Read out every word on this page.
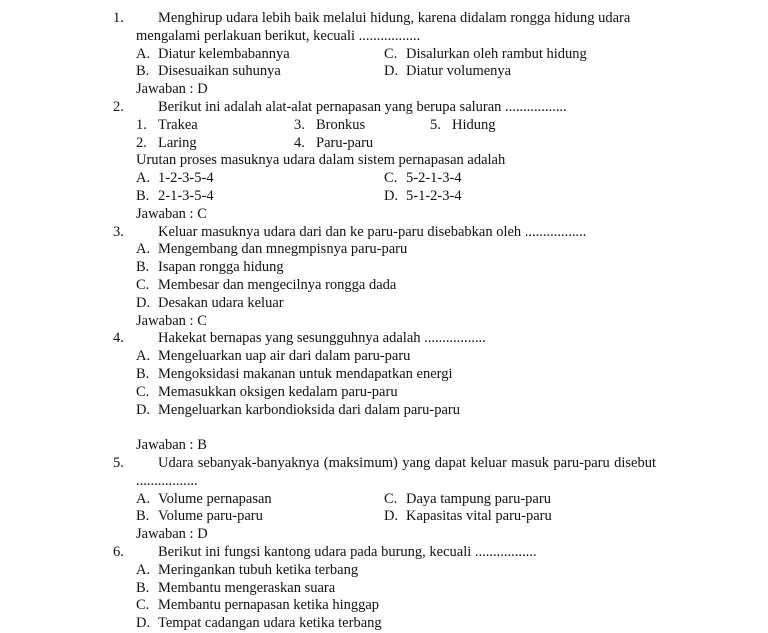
1.	Menghirup udara lebih baik melalui hidung, karena didalam rongga hidung udara mengalami perlakuan berikut, kecuali .................
A. Diatur kelembabannya	C. Disalurkan oleh rambut hidung
B. Disesuaikan suhunya	D. Diatur volumenya
Jawaban : D
2.	Berikut ini adalah alat-alat pernapasan yang berupa saluran .................
1. Trakea	3. Bronkus	5. Hidung
2. Laring	4. Paru-paru
Urutan proses masuknya udara dalam sistem pernapasan adalah
A. 1-2-3-5-4	C. 5-2-1-3-4
B. 2-1-3-5-4	D. 5-1-2-3-4
Jawaban : C
3.	Keluar masuknya udara dari dan ke paru-paru disebabkan oleh .................
A. Mengembang dan mnegmpisnya paru-paru
B. Isapan rongga hidung
C. Membesar dan mengecilnya rongga dada
D. Desakan udara keluar
Jawaban : C
4.	Hakekat bernapas yang sesungguhnya adalah .................
A. Mengeluarkan uap air dari dalam paru-paru
B. Mengoksidasi makanan untuk mendapatkan energi
C. Memasukkan oksigen kedalam paru-paru
D. Mengeluarkan karbondioksida dari dalam paru-paru
Jawaban : B
5.	Udara sebanyak-banyaknya (maksimum) yang dapat keluar masuk paru-paru disebut .................
A. Volume pernapasan	C. Daya tampung paru-paru
B. Volume paru-paru	D. Kapasitas vital paru-paru
Jawaban : D
6.	Berikut ini fungsi kantong udara pada burung, kecuali .................
A. Meringankan tubuh ketika terbang
B. Membantu mengeraskan suara
C. Membantu pernapasan ketika hinggap
D. Tempat cadangan udara ketika terbang
